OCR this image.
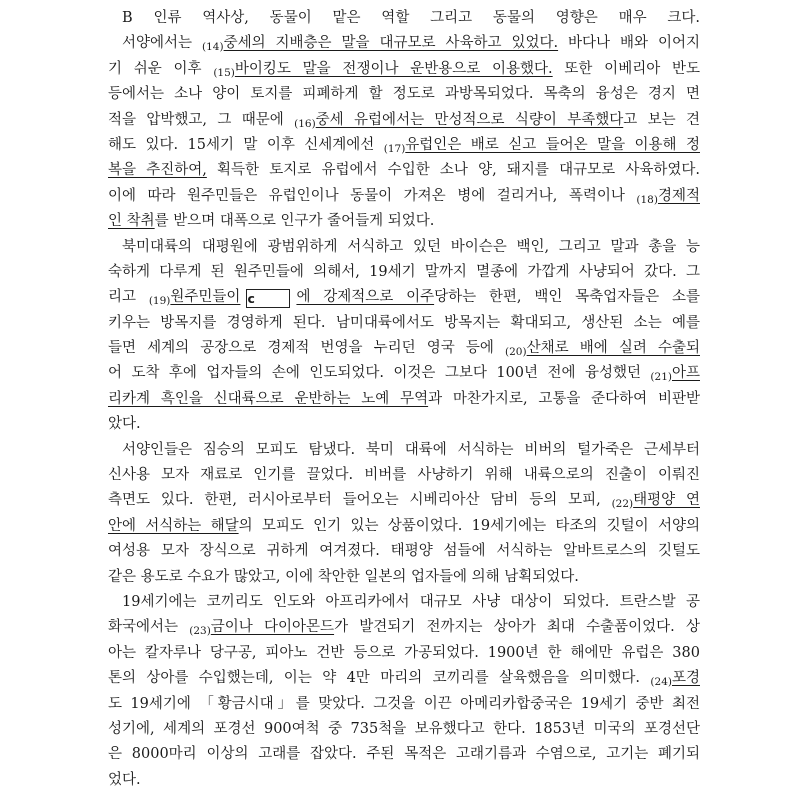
B 인류 역사상, 동물이 맡은 역할 그리고 동물의 영향은 매우 크다.
서양에서는 $_{(14)}$중세의 지배층은 말을 대규모로 사육하고 있었다. 바다나 배와 이어지
기 쉬운 이후 $_{(15)}$바이킹도 말을 전쟁이나 운반용으로 이용했다. 또한 이베리아 반도
등에서는 소나 양이 토지를 피폐하게 할 정도로 과방목되었다. 목축의 융성은 경지 면
적을 압박했고, 그 때문에 $_{(16)}$중세 유럽에서는 만성적으로 식량이 부족했다고 보는 견
해도 있다. 15세기 말 이후 신세계에선 $_{(17)}$유럽인은 배로 싣고 들어온 말을 이용해 정
복을 추진하여, 획득한 토지로 유럽에서 수입한 소나 양, 돼지를 대규모로 사육하였다.
이에 따라 원주민들은 유럽인이나 동물이 가져온 병에 걸리거나, 폭력이나 $_{(18)}$경제적
인 착취를 받으며 대폭으로 인구가 줄어들게 되었다.
북미대륙의 대평원에 광범위하게 서식하고 있던 바이슨은 백인, 그리고 말과 총을 능
숙하게 다루게 된 원주민들에 의해서, 19세기 말까지 멸종에 가깝게 사냥되어 갔다. 그
리고 $_{(19)}$원주민들이 c	에 강제적으로 이주당하는 한편, 백인 목축업자들은 소를
키우는 방목지를 경영하게 된다. 남미대륙에서도 방목지는 확대되고, 생산된 소는 예를
들면 세계의 공장으로 경제적 번영을 누리던 영국 등에 $_{(20)}$산채로 배에 실려 수출되
어 도착 후에 업자들의 손에 인도되었다. 이것은 그보다 100년 전에 융성했던 $_{(21)}$아프
리카계 흑인을 신대륙으로 운반하는 노예 무역과 마찬가지로, 고통을 준다하여 비판받
았다.
서양인들은 짐승의 모피도 탐냈다. 북미 대륙에 서식하는 비버의 털가죽은 근세부터
신사용 모자 재료로 인기를 끌었다. 비버를 사냥하기 위해 내륙으로의 진출이 이뤄진
측면도 있다. 한편, 러시아로부터 들어오는 시베리아산 담비 등의 모피, $_{(22)}$태평양 연
안에 서식하는 해달의 모피도 인기 있는 상품이었다. 19세기에는 타조의 깃털이 서양의
여성용 모자 장식으로 귀하게 여겨졌다. 태평양 섬들에 서식하는 알바트로스의 깃털도
같은 용도로 수요가 많았고, 이에 착안한 일본의 업자들에 의해 남획되었다.
19세기에는 코끼리도 인도와 아프리카에서 대규모 사냥 대상이 되었다. 트란스발 공
화국에서는 $_{(23)}$금이나 다이아몬드가 발견되기 전까지는 상아가 최대 수출품이었다. 상
아는 칼자루나 당구공, 피아노 건반 등으로 가공되었다. 1900년 한 해에만 유럽은 380
톤의 상아를 수입했는데, 이는 약 4만 마리의 코끼리를 살육했음을 의미했다. $_{(24)}$포경
도 19세기에 「황금시대」를 맞았다. 그것을 이끈 아메리카합중국은 19세기 중반 최전
성기에, 세계의 포경선 900여척 중 735척을 보유했다고 한다. 1853년 미국의 포경선단
은 8000마리 이상의 고래를 잡았다. 주된 목적은 고래기름과 수염으로, 고기는 폐기되
었다.
